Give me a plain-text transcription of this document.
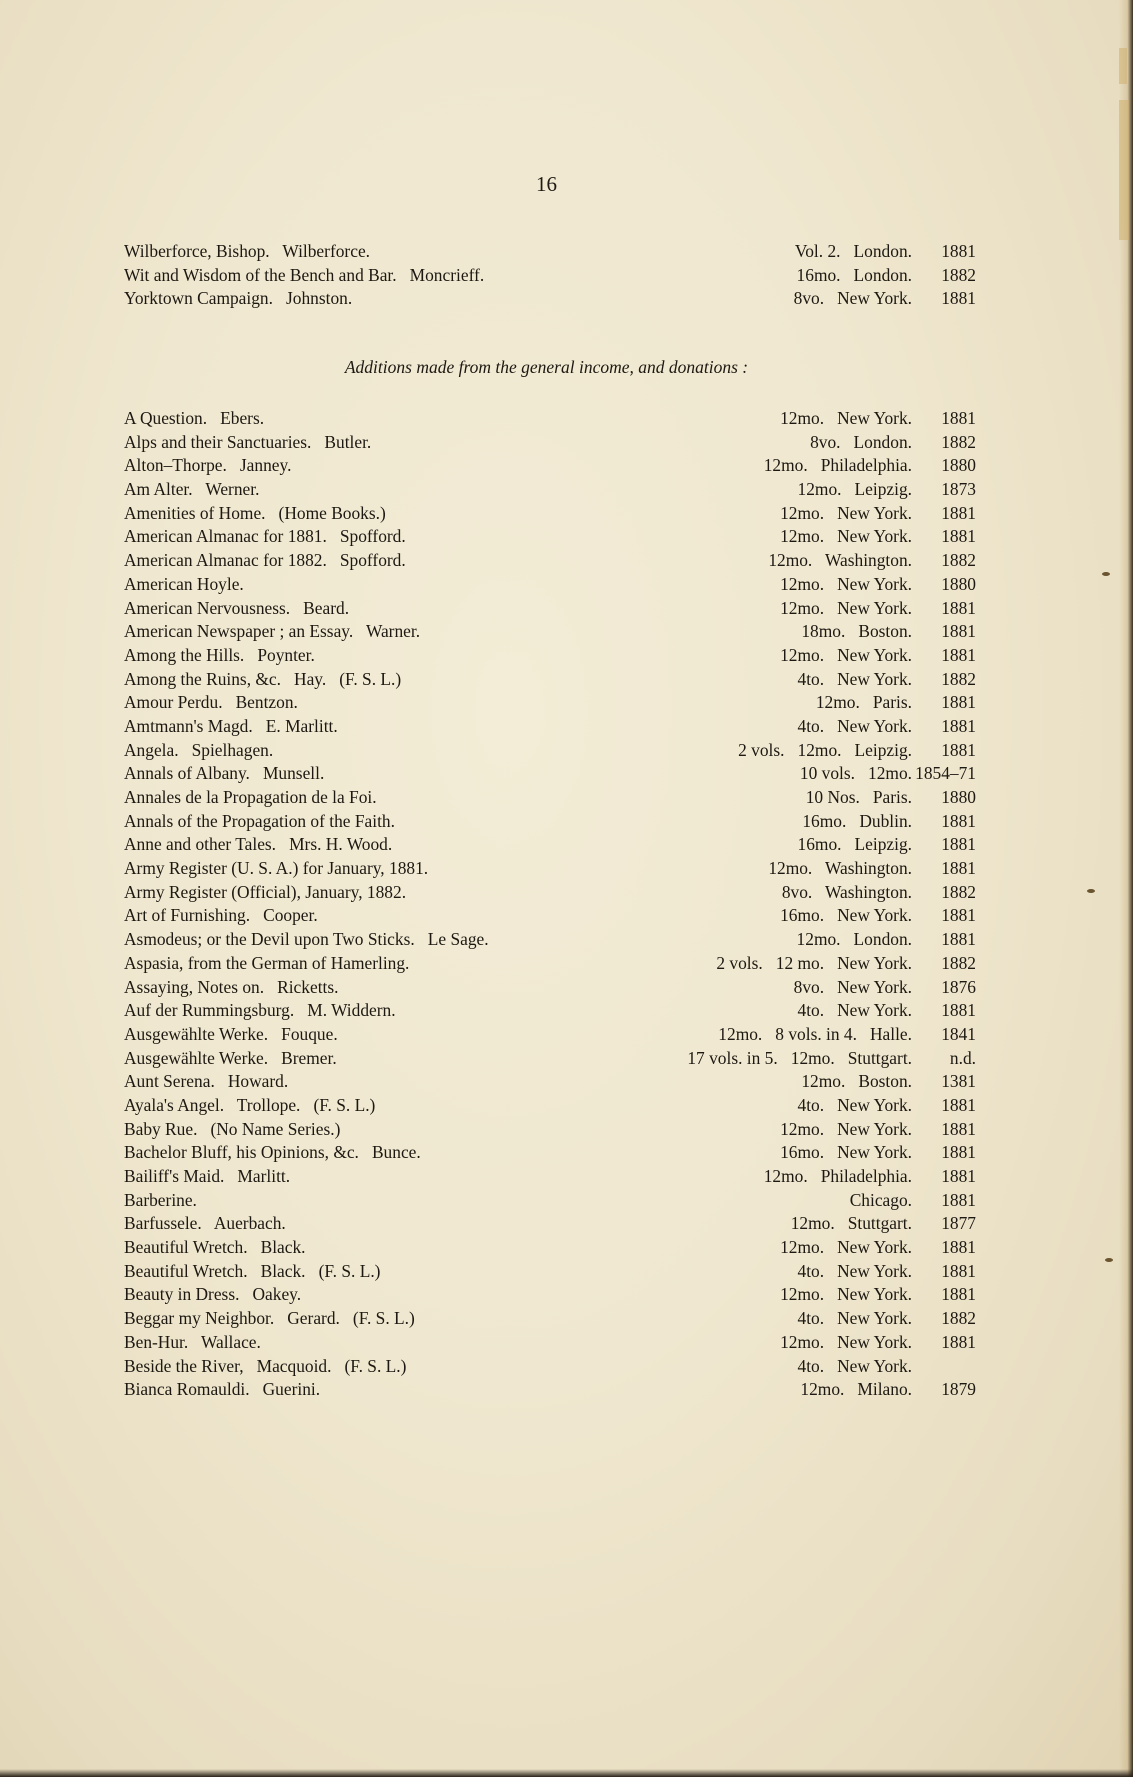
16
Wilberforce, Bishop.   Wilberforce.	Vol. 2.   London. 1881
Wit and Wisdom of the Bench and Bar.   Moncrieff.	16mo.   London. 1882
Yorktown Campaign.   Johnston.	8vo.   New York. 1881
Additions made from the general income, and donations :
A Question.   Ebers.	12mo.   New York. 1881
Alps and their Sanctuaries.   Butler.	8vo.   London. 1882
Alton–Thorpe.   Janney.	12mo.   Philadelphia. 1880
Am Alter.   Werner.	12mo.   Leipzig. 1873
Amenities of Home.   (Home Books.)	12mo.   New York. 1881
American Almanac for 1881.   Spofford.	12mo.   New York. 1881
American Almanac for 1882.   Spofford.	12mo.   Washington. 1882
American Hoyle.	12mo.   New York. 1880
American Nervousness.   Beard.	12mo.   New York. 1881
American Newspaper ; an Essay.   Warner.	18mo.   Boston. 1881
Among the Hills.   Poynter.	12mo.   New York. 1881
Among the Ruins, &c.   Hay.   (F. S. L.)	4to.   New York. 1882
Amour Perdu.   Bentzon.	12mo.   Paris. 1881
Amtmann's Magd.   E. Marlitt.	4to.   New York. 1881
Angela.   Spielhagen.	2 vols.   12mo.   Leipzig. 1881
Annals of Albany.   Munsell.	10 vols.   12mo. 1854–71
Annales de la Propagation de la Foi.	10 Nos.   Paris. 1880
Annals of the Propagation of the Faith.	16mo.   Dublin. 1881
Anne and other Tales.   Mrs. H. Wood.	16mo.   Leipzig. 1881
Army Register (U. S. A.) for January, 1881.	12mo.   Washington. 1881
Army Register (Official), January, 1882.	8vo.   Washington. 1882
Art of Furnishing.   Cooper.	16mo.   New York. 1881
Asmodeus; or the Devil upon Two Sticks.   Le Sage.	12mo.   London. 1881
Aspasia, from the German of Hamerling.	2 vols.   12 mo.   New York. 1882
Assaying, Notes on.   Ricketts.	8vo.   New York. 1876
Auf der Rummingsburg.   M. Widdern.	4to.   New York. 1881
Ausgewählte Werke.   Fouque.	12mo.   8 vols. in 4.   Halle. 1841
Ausgewählte Werke.   Bremer.	17 vols. in 5.   12mo.   Stuttgart. n.d.
Aunt Serena.   Howard.	12mo.   Boston. 1381
Ayala's Angel.   Trollope.   (F. S. L.)	4to.   New York. 1881
Baby Rue.   (No Name Series.)	12mo.   New York. 1881
Bachelor Bluff, his Opinions, &c.   Bunce.	16mo.   New York. 1881
Bailiff's Maid.   Marlitt.	12mo.   Philadelphia. 1881
Barberine.	Chicago. 1881
Barfussele.   Auerbach.	12mo.   Stuttgart. 1877
Beautiful Wretch.   Black.	12mo.   New York. 1881
Beautiful Wretch.   Black.   (F. S. L.)	4to.   New York. 1881
Beauty in Dress.   Oakey.	12mo.   New York. 1881
Beggar my Neighbor.   Gerard.   (F. S. L.)	4to.   New York. 1882
Ben-Hur.   Wallace.	12mo.   New York. 1881
Beside the River,   Macquoid.   (F. S. L.)	4to.   New York.
Bianca Romauldi.   Guerini.	12mo.   Milano. 1879
